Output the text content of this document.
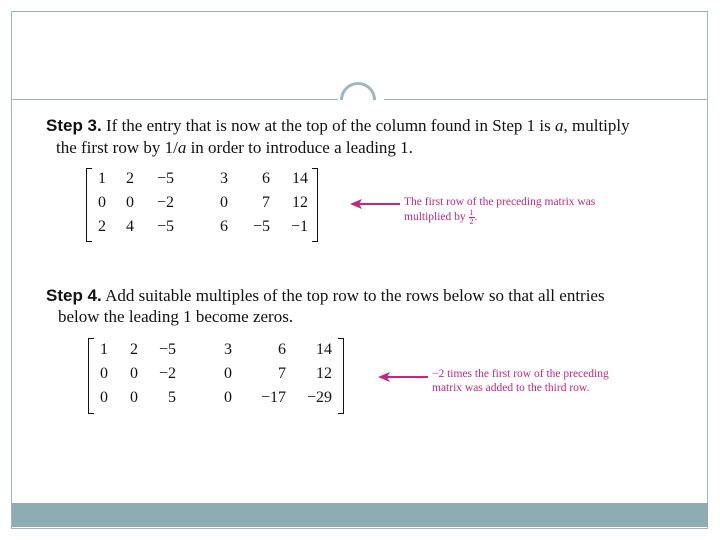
Step 3. If the entry that is now at the top of the column found in Step 1 is a, multiply
the first row by 1/a in order to introduce a leading 1.
1	2	−5	3	6	14
0	0	−2	0	7	12
2	4	−5	6	−5	−1
The first row of the preceding matrix was
multiplied by $\frac{1}{2}$ .
Step 4. Add suitable multiples of the top row to the rows below so that all entries
below the leading 1 become zeros.
1	2	−5	3	6	14
0	0	−2	0	7	12
0	0	5	0	−17	−29
−2 times the first row of the preceding
matrix was added to the third row.
